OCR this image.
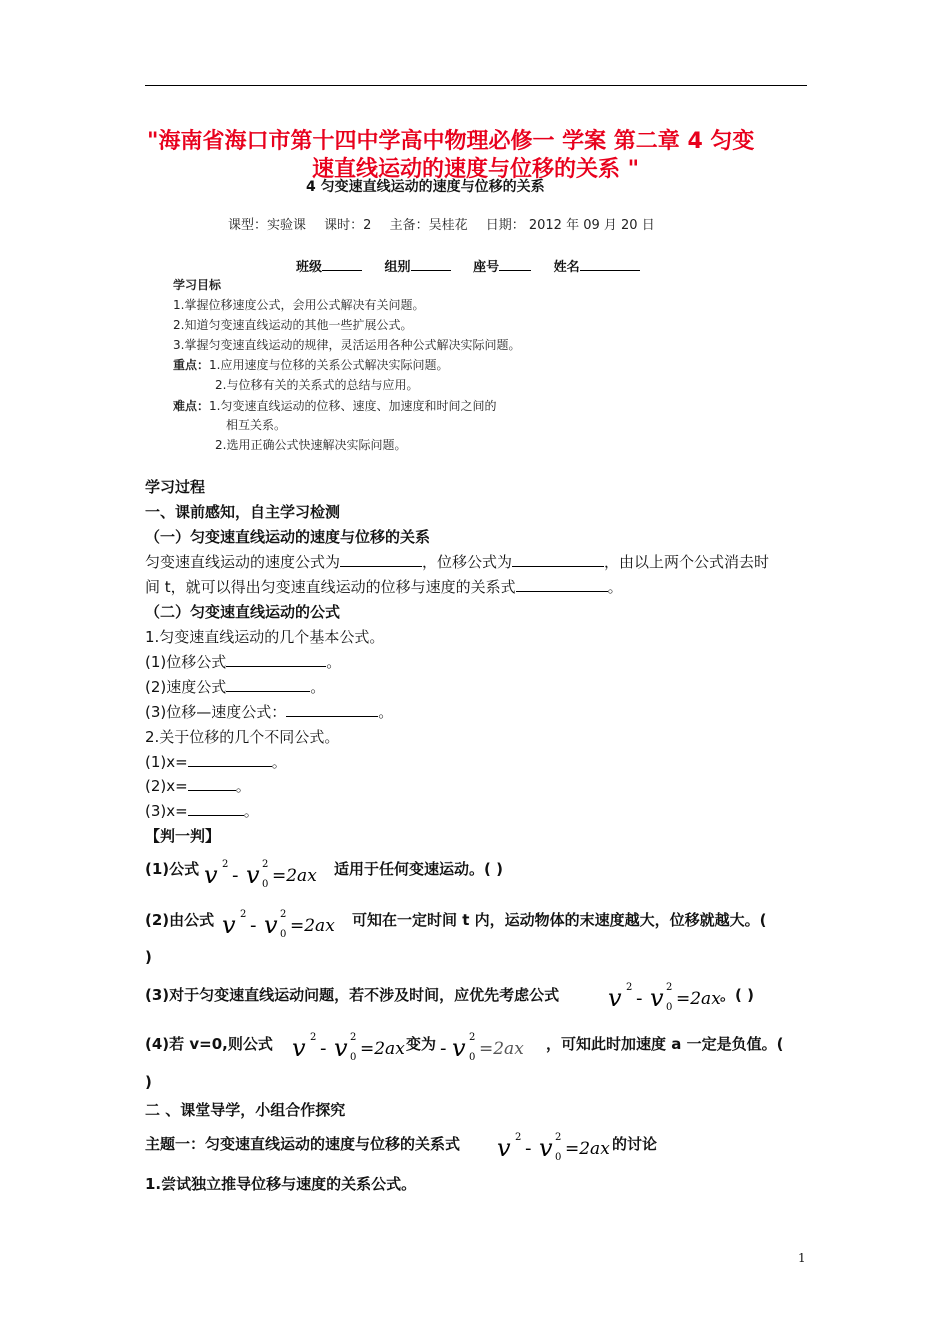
"海南省海口市第十四中学高中物理必修一 学案 第二章 4 匀变
速直线运动的速度与位移的关系 "
4 匀变速直线运动的速度与位移的关系
课型：实验课 课时：2 主备：吴桂花 日期： 2012 年 09 月 20 日
班级	组别	座号	姓名
学习目标
1.掌握位移速度公式，会用公式解决有关问题。
2.知道匀变速直线运动的其他一些扩展公式。
3.掌握匀变速直线运动的规律，灵活运用各种公式解决实际问题。
重点：1.应用速度与位移的关系公式解决实际问题。
2.与位移有关的关系式的总结与应用。
难点：1.匀变速直线运动的位移、速度、加速度和时间之间的
相互关系。
2.选用正确公式快速解决实际问题。
学习过程
一、课前感知，自主学习检测
（一）匀变速直线运动的速度与位移的关系
匀变速直线运动的速度公式为	，位移公式为	，由以上两个公式消去时
间 t，就可以得出匀变速直线运动的位移与速度的关系式	。
（二）匀变速直线运动的公式
1.匀变速直线运动的几个基本公式。
(1)位移公式	。
(2)速度公式	。
(3)位移—速度公式：	。
2.关于位移的几个不同公式。
(1)x=	。
(2)x=	。
(3)x=	。
【判一判】
(1)公式 v 2
- v 2
0 =2ax 适用于任何变速运动。( )
(2)由公式 v 2
- v 2
0 =2ax 可知在一定时间 t 内，运动物体的末速度越大，位移就越大。(
)
(3)对于匀变速直线运动问题，若不涉及时间，应优先考虑公式 v 2
- v 2
0 =2ax 。( )
(4)若 v=0,则公式 v 2
- v 2
0 =2ax 变为 - v 2
0 =2ax ，可知此时加速度 a 一定是负值。(
)
二 、课堂导学，小组合作探究
主题一：匀变速直线运动的速度与位移的关系式 v 2
- v 2
0 =2ax 的讨论
1.尝试独立推导位移与速度的关系公式。
1
